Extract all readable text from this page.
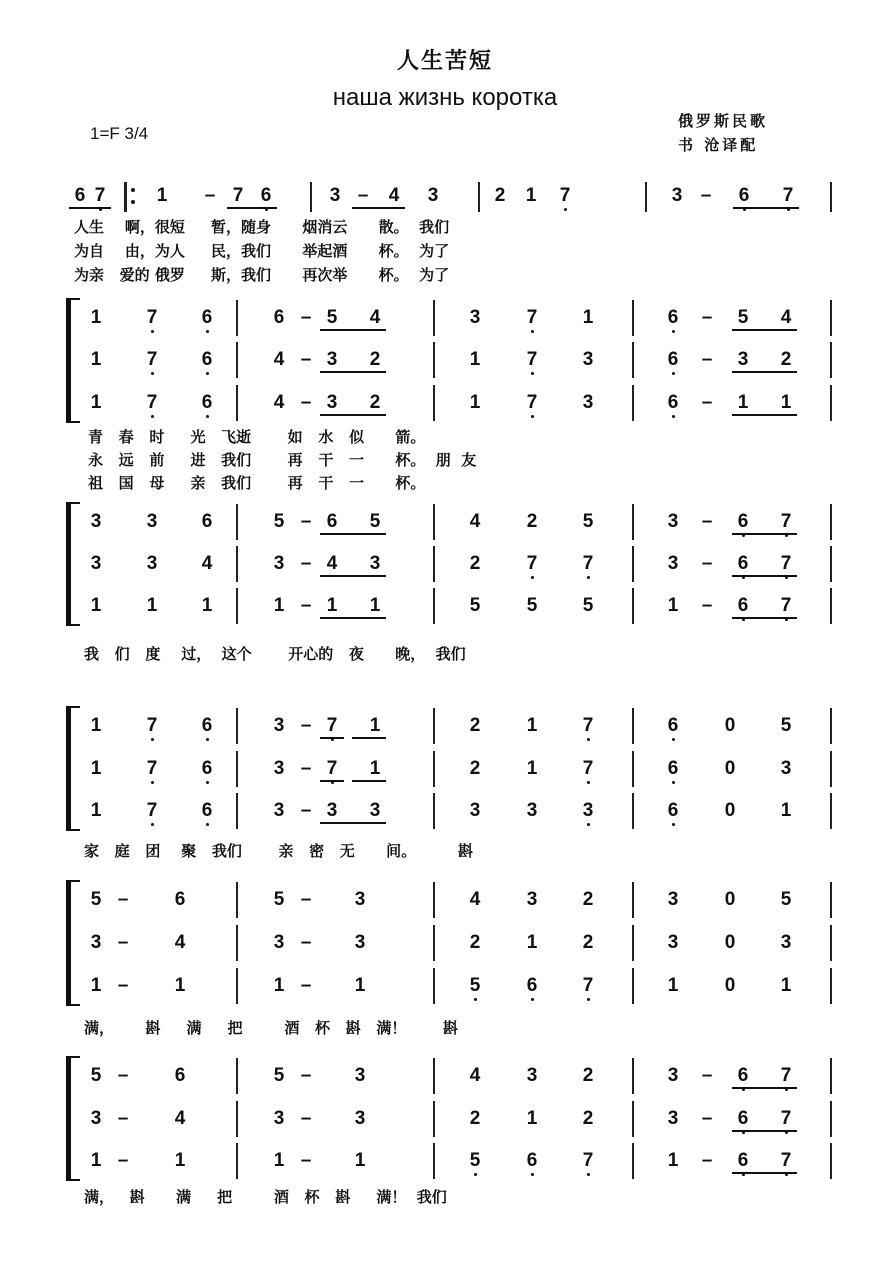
人生苦短
наша жизнь коротка
1=F 3/4
俄罗斯民歌
书 沧译配
6 7	1	– 7 6	3 –	4	3	2	1	7	3 –	6	7
1	7	6	6 – 5	4	3	7	1	6	–	5	4
1	7	6	4 – 3	2	1	7	3	6	–	3	2
1	7	6	4 – 3	2	1	7	3	6	–	1	1
3	3	6	5 – 6	5	4	2	5	3	–	6	7
3	3	4	3 – 4	3	2	7	7	3	–	6	7
1	1	1	1 – 1	1	5	5	5	1	–	6	7
1	7	6	3 – 7	1	2	1	7	6	0	5
1	7	6	3 – 7	1	2	1	7	6	0	3
1	7	6	3 – 3	3	3	3	3	6	0	1
5 –	6	5 –	3	4	3	2	3	0	5
3 –	4	3 –	3	2	1	2	3	0	3
1 –	1	1 –	1	5	6	7	1	0	1
5 –	6	5 –	3	4	3	2	3	–	6	7
3 –	4	3 –	3	2	1	2	3	–	6	7
1 –	1	1 –	1	5	6	7	1	–	6	7
人生    啊，很短     暂，随身      烟消云      散。  我们
为自    由，为人     民，我们      举起酒      杯。  为了
为亲   爱的 俄罗     斯，我们      再次举      杯。  为了
青   春   时     光   飞逝       如   水   似      箭。
永   远   前     进   我们       再   干   一      杯。  朋  友
祖   国   母     亲   我们       再   干   一      杯。
我   们   度    过，  这个       开心的   夜      晚，  我们
家   庭   团    聚   我们       亲   密   无      间。        斟
满，      斟     满     把        酒   杯   斟   满！       斟
满，   斟      满     把        酒   杯   斟     满！  我们
